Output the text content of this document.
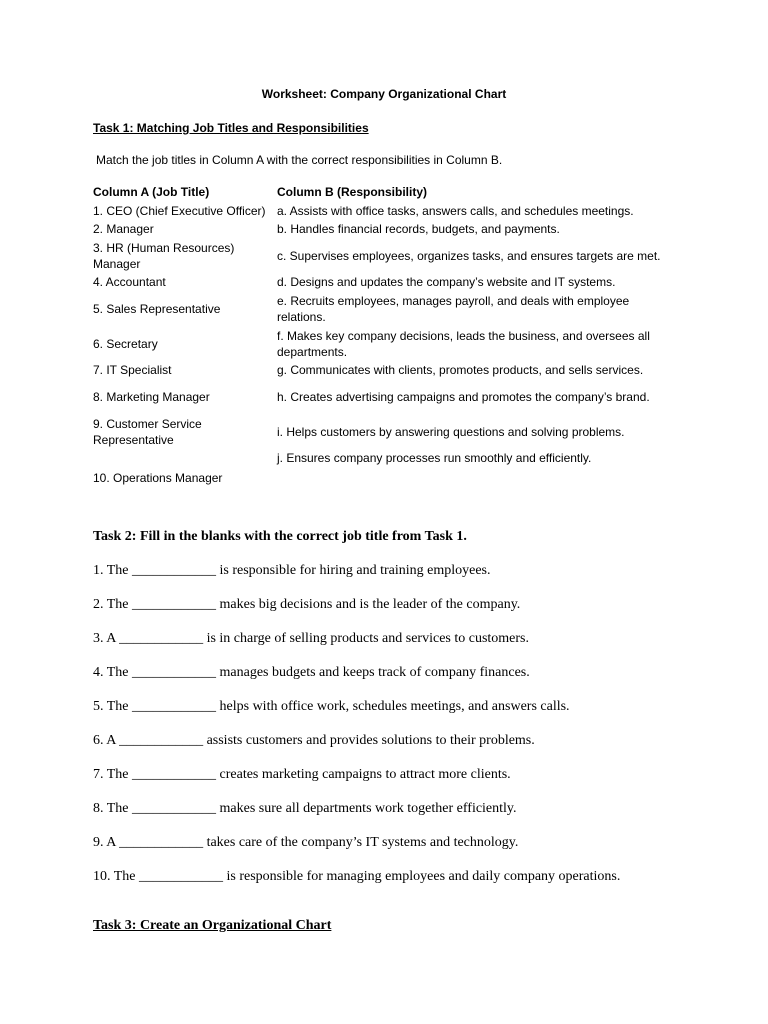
Worksheet: Company Organizational Chart
Task 1: Matching Job Titles and Responsibilities
Match the job titles in Column A with the correct responsibilities in Column B.
Column A (Job Title)	Column B (Responsibility)
1. CEO (Chief Executive Officer)	a. Assists with office tasks, answers calls, and schedules meetings.
2. Manager	b. Handles financial records, budgets, and payments.
3. HR (Human Resources) Manager	c. Supervises employees, organizes tasks, and ensures targets are met.
4. Accountant	d. Designs and updates the company’s website and IT systems.
5. Sales Representative	e. Recruits employees, manages payroll, and deals with employee relations.
6. Secretary	f. Makes key company decisions, leads the business, and oversees all departments.
7. IT Specialist	g. Communicates with clients, promotes products, and sells services.
8. Marketing Manager	h. Creates advertising campaigns and promotes the company’s brand.
9. Customer Service Representative	i. Helps customers by answering questions and solving problems.
	j. Ensures company processes run smoothly and efficiently.
10. Operations Manager	
Task 2: Fill in the blanks with the correct job title from Task 1.

1. The ____________ is responsible for hiring and training employees.

2. The ____________ makes big decisions and is the leader of the company.

3. A ____________ is in charge of selling products and services to customers.

4. The ____________ manages budgets and keeps track of company finances.

5. The ____________ helps with office work, schedules meetings, and answers calls.

6. A ____________ assists customers and provides solutions to their problems.

7. The ____________ creates marketing campaigns to attract more clients.

8. The ____________ makes sure all departments work together efficiently.

9. A ____________ takes care of the company’s IT systems and technology.

10. The ____________ is responsible for managing employees and daily company operations.

Task 3: Create an Organizational Chart
